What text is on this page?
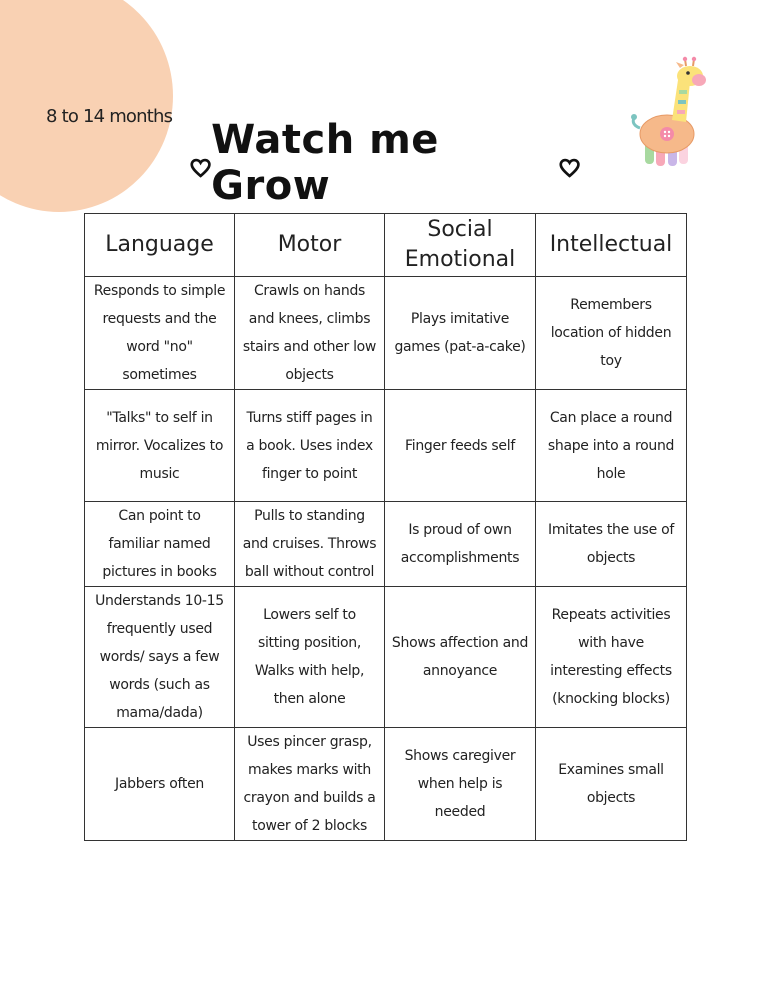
8 to 14 months
Watch me Grow
Language	Motor	Social Emotional	Intellectual
Responds to simple requests and the word "no" sometimes	Crawls on hands and knees, climbs stairs and other low objects	Plays imitative games (pat-a-cake)	Remembers location of hidden toy
"Talks" to self in mirror. Vocalizes to music	Turns stiff pages in a book. Uses index finger to point	Finger feeds self	Can place a round shape into a round hole
Can point to familiar named pictures in books	Pulls to standing and cruises. Throws ball without control	Is proud of own accomplishments	Imitates the use of objects
Understands 10-15 frequently used words/ says a few words (such as mama/dada)	Lowers self to sitting position, Walks with help, then alone	Shows affection and annoyance	Repeats activities with have interesting effects (knocking blocks)
Jabbers often	Uses pincer grasp, makes marks with crayon and builds a tower of 2 blocks	Shows caregiver when help is needed	Examines small objects
